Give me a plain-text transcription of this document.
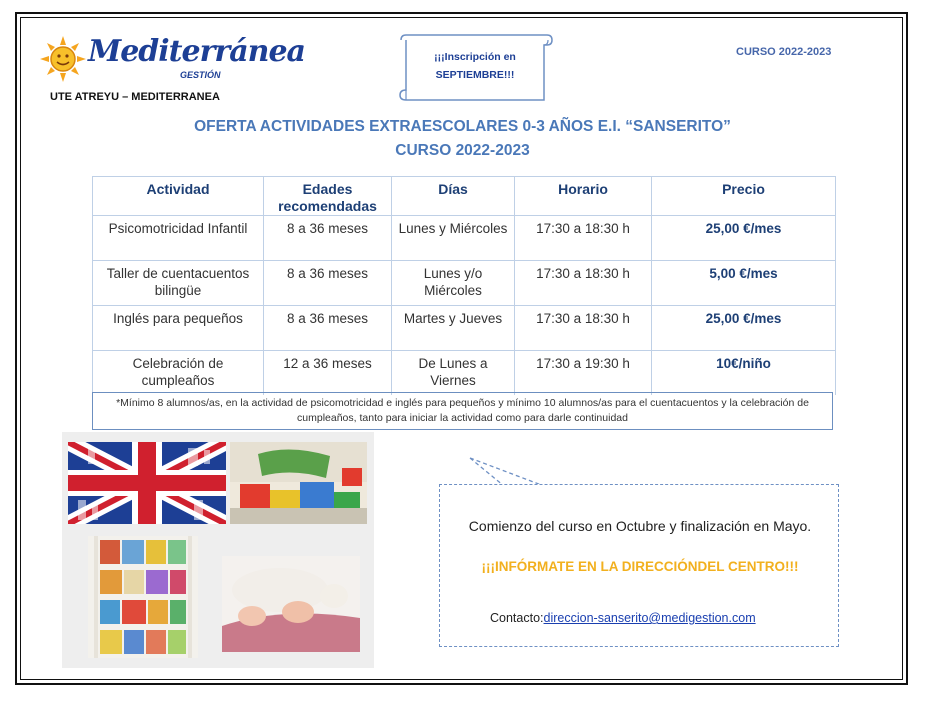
Mediterránea
GESTIÓN
UTE ATREYU – MEDITERRANEA
¡¡¡Inscripción en
SEPTIEMBRE!!!
CURSO 2022-2023
OFERTA ACTIVIDADES EXTRAESCOLARES 0-3 AÑOS E.I. “SANSERITO”
CURSO 2022-2023
Actividad	Edades recomendadas	Días	Horario	Precio
Psicomotricidad Infantil	8 a 36 meses	Lunes y Miércoles	17:30 a 18:30 h	25,00 €/mes
Taller de cuentacuentos bilingüe	8 a 36 meses	Lunes y/o Miércoles	17:30 a 18:30 h	5,00 €/mes
Inglés para pequeños	8 a 36 meses	Martes y Jueves	17:30 a 18:30 h	25,00 €/mes
Celebración de cumpleaños	12 a 36 meses	De Lunes a Viernes	17:30 a 19:30 h	10€/niño
*Mínimo 8 alumnos/as, en la actividad de psicomotricidad e inglés para pequeños y mínimo 10 alumnos/as para el cuentacuentos y la celebración de cumpleaños, tanto para iniciar la actividad como para darle continuidad
Comienzo del curso en Octubre y finalización en Mayo.
¡¡¡INFÓRMATE EN LA DIRECCIÓNDEL CENTRO!!!
Contacto:direccion-sanserito@medigestion.com
